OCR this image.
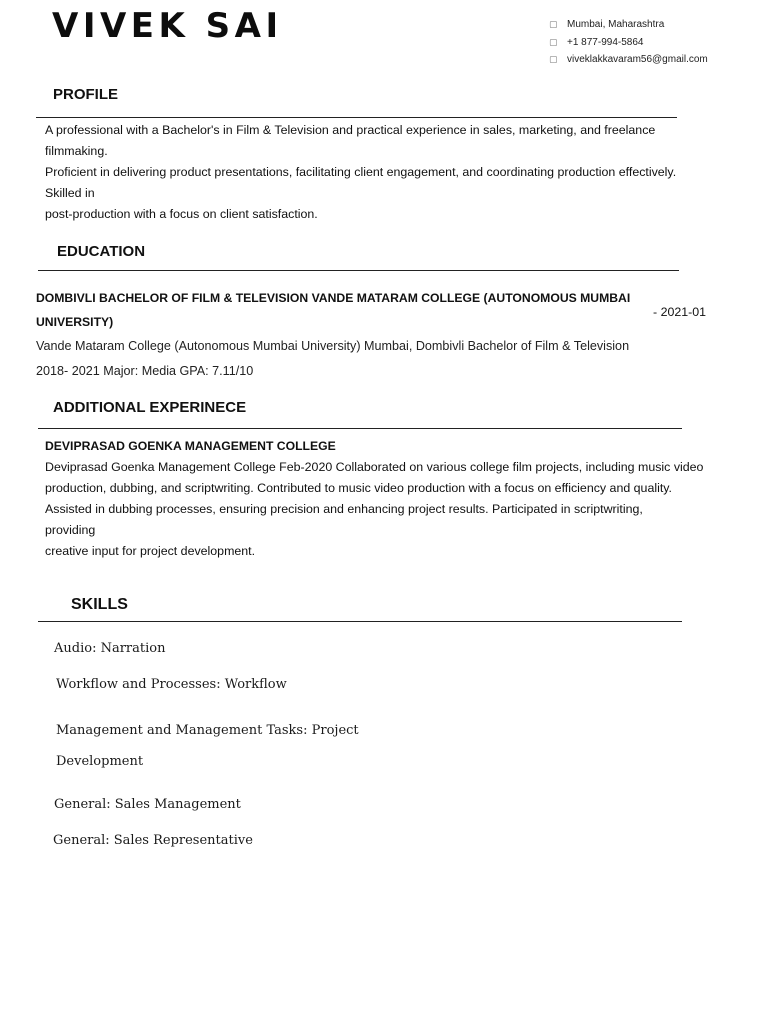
VIVEK SAI	▢ Mumbai, Maharashtra
▢ +1 877-994-5864
▢ viveklakkavaram56@gmail.com
PROFILE
A professional with a Bachelor's in Film & Television and practical experience in sales, marketing, and freelance
filmmaking.
Proficient in delivering product presentations, facilitating client engagement, and coordinating production effectively.
Skilled in
post-production with a focus on client satisfaction.
EDUCATION
DOMBIVLI BACHELOR OF FILM & TELEVISION VANDE MATARAM COLLEGE (AUTONOMOUS MUMBAI
UNIVERSITY)
- 2021-01
Vande Mataram College (Autonomous Mumbai University) Mumbai, Dombivli Bachelor of Film & Television
2018- 2021 Major: Media GPA: 7.11/10
ADDITIONAL EXPERINECE
DEVIPRASAD GOENKA MANAGEMENT COLLEGE
Deviprasad Goenka Management College Feb-2020 Collaborated on various college film projects, including music video
production, dubbing, and scriptwriting. Contributed to music video production with a focus on efficiency and quality.
Assisted in dubbing processes, ensuring precision and enhancing project results. Participated in scriptwriting,
providing
creative input for project development.
SKILLS
Audio: Narration
Workflow and Processes: Workflow
Management and Management Tasks: Project
Development
General: Sales Management
General: Sales Representative
